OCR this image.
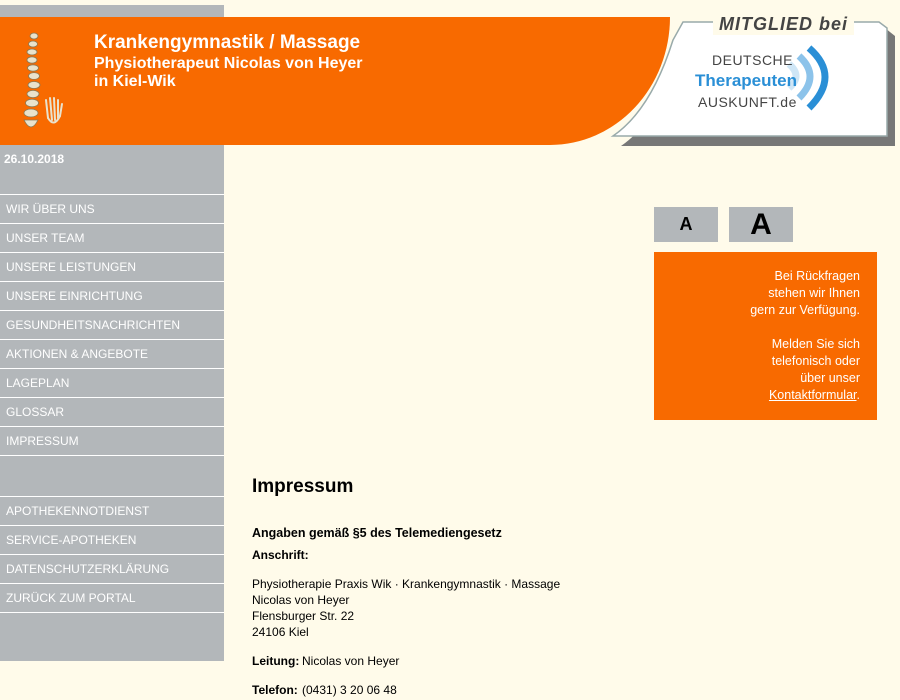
Krankengymnastik / Massage
Physiotherapeut Nicolas von Heyer
in Kiel-Wik
MITGLIED bei
DEUTSCHE
Therapeuten
AUSKUNFT.de
26.10.2018
WIR ÜBER UNS
UNSER TEAM
UNSERE LEISTUNGEN
UNSERE EINRICHTUNG
GESUNDHEITSNACHRICHTEN
AKTIONEN & ANGEBOTE
LAGEPLAN
GLOSSAR
IMPRESSUM
APOTHEKENNOTDIENST
SERVICE-APOTHEKEN
DATENSCHUTZERKLÄRUNG
ZURÜCK ZUM PORTAL
A	A
Bei Rückfragen
stehen wir Ihnen
gern zur Verfügung.
Melden Sie sich
telefonisch oder
über unser
Kontaktformular.
Impressum
Angaben gemäß §5 des Telemediengesetz
Anschrift:
Physiotherapie Praxis Wik · Krankengymnastik · Massage
Nicolas von Heyer
Flensburger Str. 22
24106 Kiel
Leitung: Nicolas von Heyer
Telefon: (0431) 3 20 06 48
